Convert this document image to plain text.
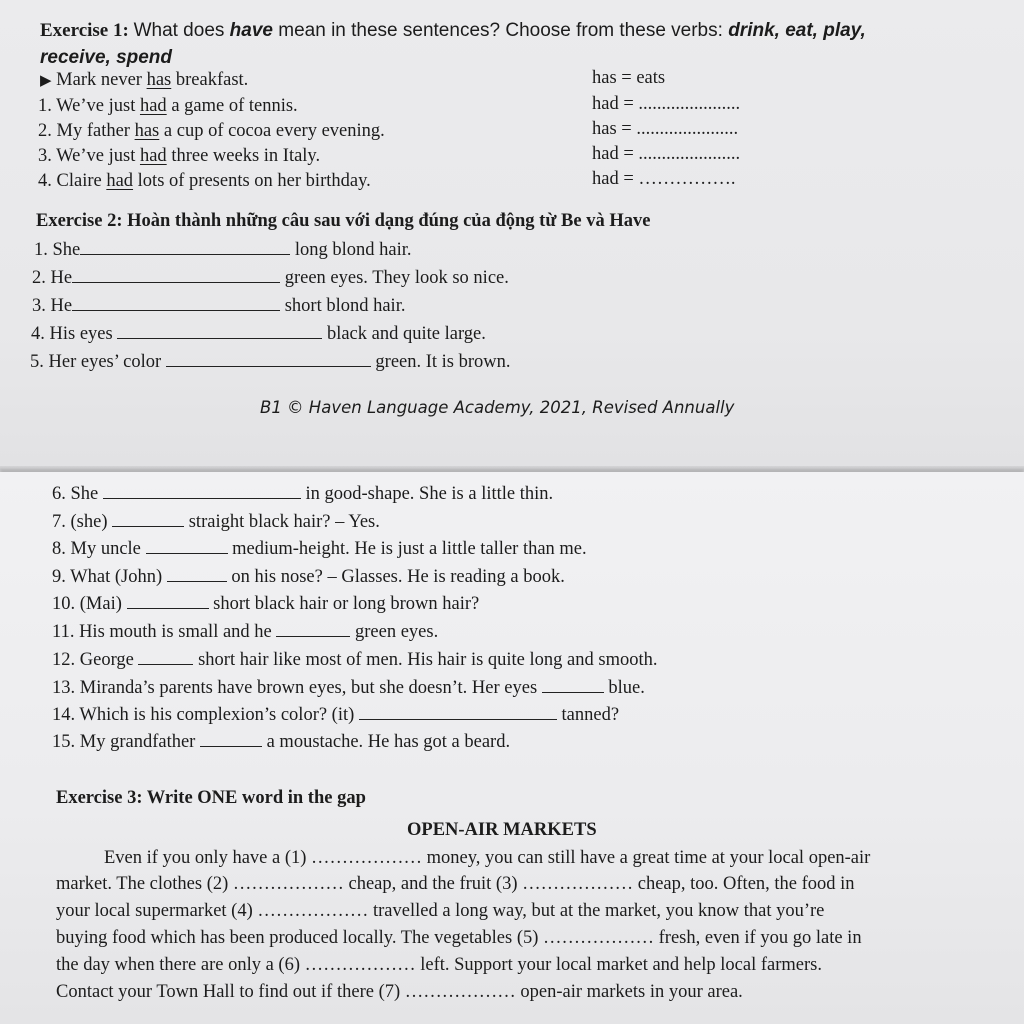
Exercise 1: What does have mean in these sentences? Choose from these verbs: drink, eat, play,
receive, spend
▶ Mark never has breakfast.	has = eats
1. We’ve just had a game of tennis.	had = ......................
2. My father has a cup of cocoa every evening.	has = ......................
3. We’ve just had three weeks in Italy.	had = ......................
4. Claire had lots of presents on her birthday.	had = …………….
Exercise 2: Hoàn thành những câu sau với dạng đúng của động từ Be và Have
1. She	long blond hair.
2. He	green eyes. They look so nice.
3. He	short blond hair.
4. His eyes	black and quite large.
5. Her eyes’ color	green. It is brown.
B1 © Haven Language Academy, 2021, Revised Annually
6. She	in good-shape. She is a little thin.
7. (she)	straight black hair? – Yes.
8. My uncle	medium-height. He is just a little taller than me.
9. What (John)	on his nose? – Glasses. He is reading a book.
10. (Mai)	short black hair or long brown hair?
11. His mouth is small and he	green eyes.
12. George	short hair like most of men. His hair is quite long and smooth.
13. Miranda’s parents have brown eyes, but she doesn’t. Her eyes	blue.
14. Which is his complexion’s color? (it)	tanned?
15. My grandfather	a moustache. He has got a beard.
Exercise 3: Write ONE word in the gap
OPEN-AIR MARKETS
Even if you only have a (1) ……………… money, you can still have a great time at your local open-air
market. The clothes (2) ……………… cheap, and the fruit (3) ……………… cheap, too. Often, the food in
your local supermarket (4) ……………… travelled a long way, but at the market, you know that you’re
buying food which has been produced locally. The vegetables (5) ……………… fresh, even if you go late in
the day when there are only a (6) ……………… left. Support your local market and help local farmers.
Contact your Town Hall to find out if there (7) ……………… open-air markets in your area.
